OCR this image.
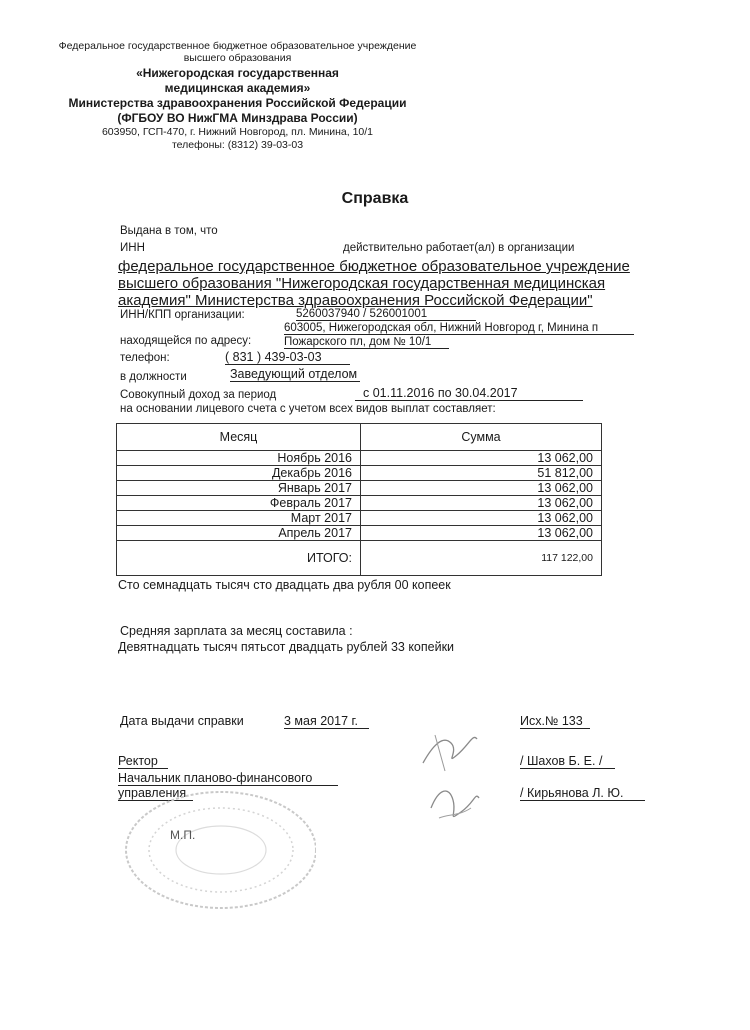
Федеральное государственное бюджетное образовательное учреждение
высшего образования
«Нижегородская государственная
медицинская академия»
Министерства здравоохранения Российской Федерации
(ФГБОУ ВО НижГМА Минздрава России)
603950, ГСП-470, г. Нижний Новгород, пл. Минина, 10/1
телефоны: (8312) 39-03-03
Справка
Выдана в том, что
ИНН	действительно работает(ал) в организации
федеральное государственное бюджетное образовательное учреждение
высшего образования "Нижегородская государственная медицинская
академия" Министерства здравоохранения Российской Федерации"
ИНН/КПП организации:	5260037940 / 526001001
603005, Нижегородская обл, Нижний Новгород г, Минина п
находящейся по адресу:	Пожарского пл, дом № 10/1
телефон:	( 831 ) 439-03-03
в должности	Заведующий отделом
Совокупный доход за период	с 01.11.2016 по 30.04.2017
на основании лицевого счета с учетом всех видов выплат составляет:
Месяц	Сумма
Ноябрь 2016	13 062,00
Декабрь 2016	51 812,00
Январь 2017	13 062,00
Февраль 2017	13 062,00
Март 2017	13 062,00
Апрель 2017	13 062,00
ИТОГО:	117 122,00
Сто семнадцать тысяч сто двадцать два рубля 00 копеек
Средняя зарплата за месяц составила :
Девятнадцать тысяч пятьсот двадцать рублей 33 копейки
Дата выдачи справки	3 мая 2017 г.	Исх.№ 133
Ректор	/ Шахов Б. Е. /
Начальник планово-финансового
управления	/ Кирьянова Л. Ю.
М.П.
